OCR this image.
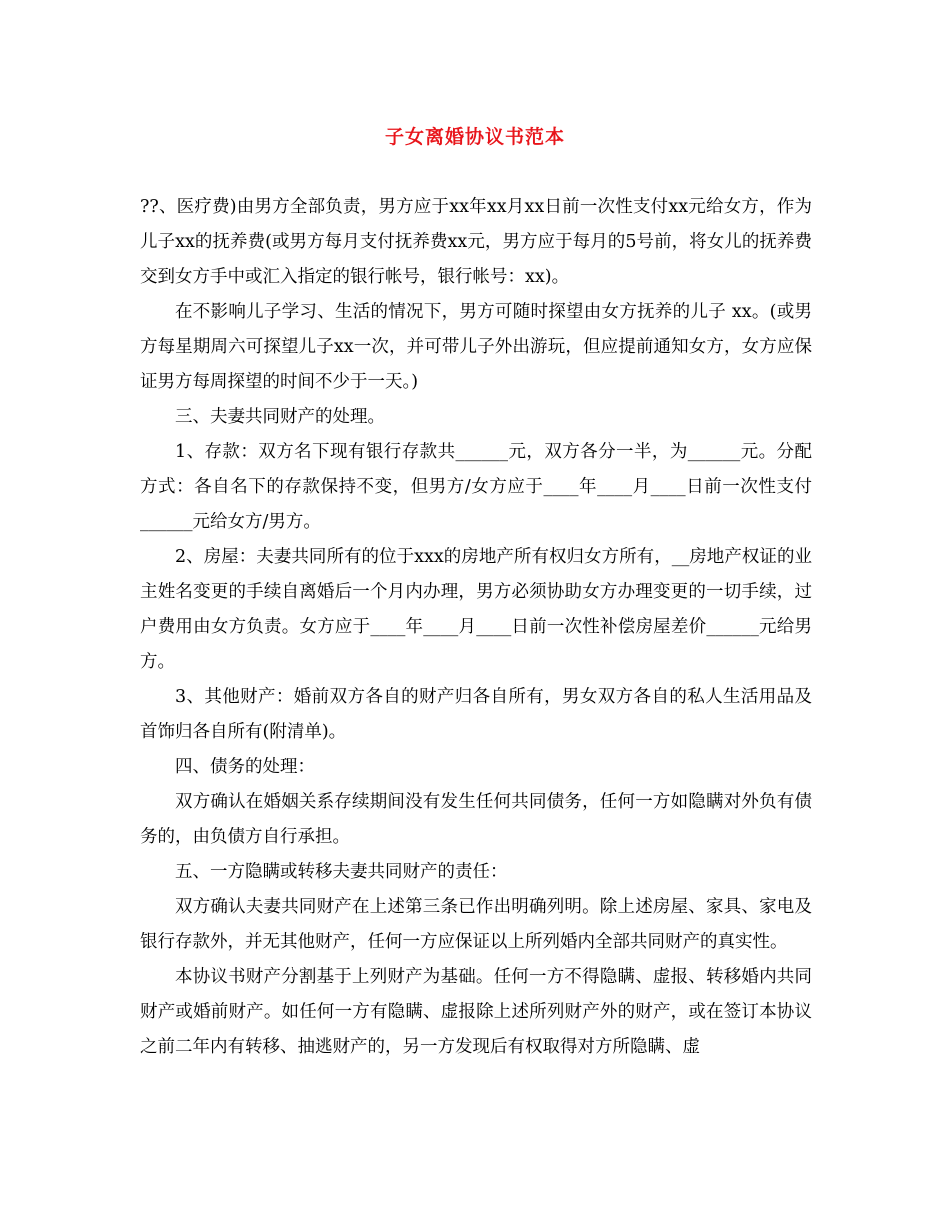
子女离婚协议书范本

??、医疗费)由男方全部负责，男方应于xx年xx月xx日前一次性支付xx元给女方，作为儿子xx的抚养费(或男方每月支付抚养费xx元，男方应于每月的5号前，将女儿的抚养费交到女方手中或汇入指定的银行帐号，银行帐号：xx)。

在不影响儿子学习、生活的情况下，男方可随时探望由女方抚养的儿子 xx。(或男方每星期周六可探望儿子xx一次，并可带儿子外出游玩，但应提前通知女方，女方应保证男方每周探望的时间不少于一天。)

三、夫妻共同财产的处理。

1、存款：双方名下现有银行存款共______元，双方各分一半，为______元。分配方式：各自名下的存款保持不变，但男方/女方应于____年____月____日前一次性支付______元给女方/男方。

2、房屋：夫妻共同所有的位于xxx的房地产所有权归女方所有，__房地产权证的业主姓名变更的手续自离婚后一个月内办理，男方必须协助女方办理变更的一切手续，过户费用由女方负责。女方应于____年____月____日前一次性补偿房屋差价______元给男方。

3、其他财产：婚前双方各自的财产归各自所有，男女双方各自的私人生活用品及首饰归各自所有(附清单)。

四、债务的处理：

双方确认在婚姻关系存续期间没有发生任何共同债务，任何一方如隐瞒对外负有债务的，由负债方自行承担。

五、一方隐瞒或转移夫妻共同财产的责任：

双方确认夫妻共同财产在上述第三条已作出明确列明。除上述房屋、家具、家电及银行存款外，并无其他财产，任何一方应保证以上所列婚内全部共同财产的真实性。

本协议书财产分割基于上列财产为基础。任何一方不得隐瞒、虚报、转移婚内共同财产或婚前财产。如任何一方有隐瞒、虚报除上述所列财产外的财产，或在签订本协议之前二年内有转移、抽逃财产的，另一方发现后有权取得对方所隐瞒、虚
